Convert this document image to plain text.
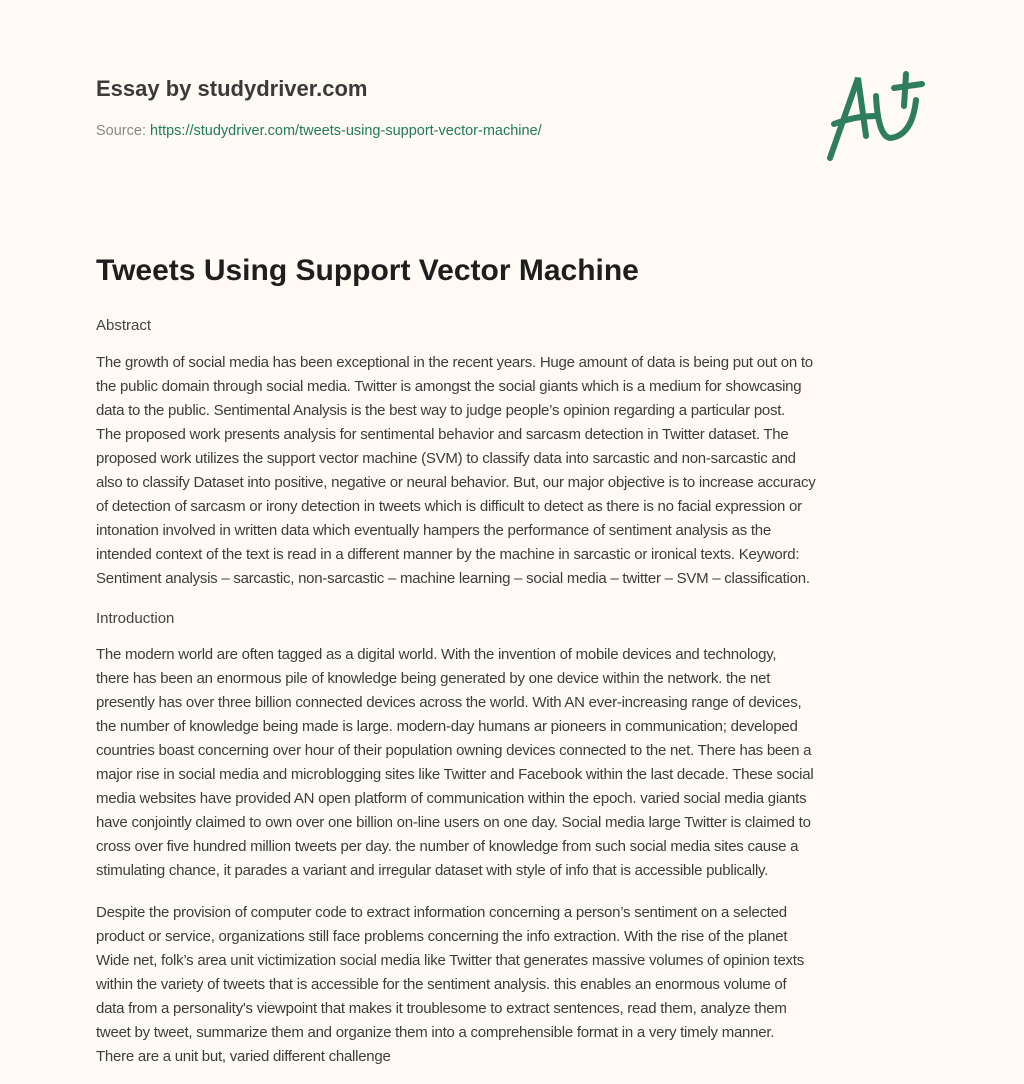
Essay by studydriver.com
Source: https://studydriver.com/tweets-using-support-vector-machine/
Tweets Using Support Vector Machine
Abstract
The growth of social media has been exceptional in the recent years. Huge amount of data is being put out on to
the public domain through social media. Twitter is amongst the social giants which is a medium for showcasing
data to the public. Sentimental Analysis is the best way to judge people’s opinion regarding a particular post.
The proposed work presents analysis for sentimental behavior and sarcasm detection in Twitter dataset. The
proposed work utilizes the support vector machine (SVM) to classify data into sarcastic and non-sarcastic and
also to classify Dataset into positive, negative or neural behavior. But, our major objective is to increase accuracy
of detection of sarcasm or irony detection in tweets which is difficult to detect as there is no facial expression or
intonation involved in written data which eventually hampers the performance of sentiment analysis as the
intended context of the text is read in a different manner by the machine in sarcastic or ironical texts. Keyword:
Sentiment analysis – sarcastic, non-sarcastic – machine learning – social media – twitter – SVM – classification.
Introduction
The modern world are often tagged as a digital world. With the invention of mobile devices and technology,
there has been an enormous pile of knowledge being generated by one device within the network. the net
presently has over three billion connected devices across the world. With AN ever-increasing range of devices,
the number of knowledge being made is large. modern-day humans ar pioneers in communication; developed
countries boast concerning over hour of their population owning devices connected to the net. There has been a
major rise in social media and microblogging sites like Twitter and Facebook within the last decade. These social
media websites have provided AN open platform of communication within the epoch. varied social media giants
have conjointly claimed to own over one billion on-line users on one day. Social media large Twitter is claimed to
cross over five hundred million tweets per day. the number of knowledge from such social media sites cause a
stimulating chance, it parades a variant and irregular dataset with style of info that is accessible publically.
Despite the provision of computer code to extract information concerning a person’s sentiment on a selected
product or service, organizations still face problems concerning the info extraction. With the rise of the planet
Wide net, folk’s area unit victimization social media like Twitter that generates massive volumes of opinion texts
within the variety of tweets that is accessible for the sentiment analysis. this enables an enormous volume of
data from a personality's viewpoint that makes it troublesome to extract sentences, read them, analyze them
tweet by tweet, summarize them and organize them into a comprehensible format in a very timely manner.
There are a unit but, varied different challenge
